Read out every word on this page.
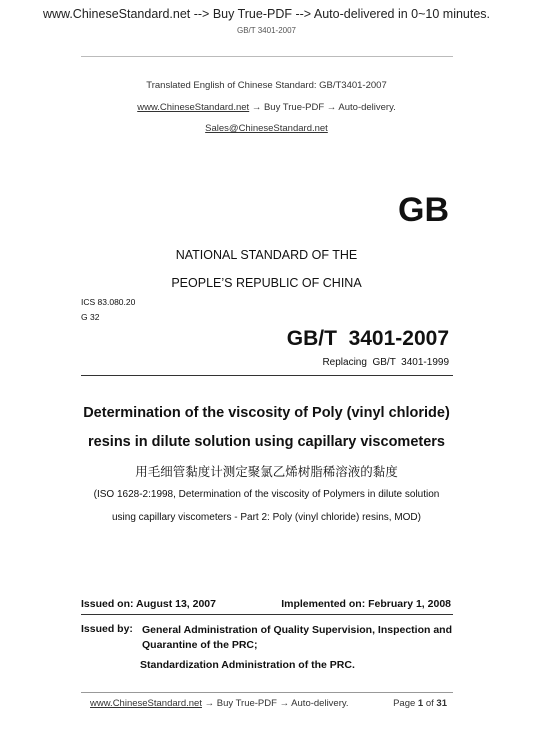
www.ChineseStandard.net --> Buy True-PDF --> Auto-delivered in 0~10 minutes.
GB/T 3401-2007
Translated English of Chinese Standard: GB/T3401-2007
www.ChineseStandard.net → Buy True-PDF → Auto-delivery.
Sales@ChineseStandard.net
GB
NATIONAL STANDARD OF THE
PEOPLE’S REPUBLIC OF CHINA
ICS 83.080.20
G 32
GB/T  3401-2007
Replacing  GB/T  3401-1999
Determination of the viscosity of Poly (vinyl chloride)
resins in dilute solution using capillary viscometers
用毛细管黏度计测定聚氯乙烯树脂稀溶液的黏度
(ISO 1628-2:1998, Determination of the viscosity of Polymers in dilute solution
using capillary viscometers - Part 2: Poly (vinyl chloride) resins, MOD)
Issued on: August 13, 2007	Implemented on: February 1, 2008
Issued by: General Administration of Quality Supervision, Inspection and Quarantine of the PRC;
Standardization Administration of the PRC.
www.ChineseStandard.net → Buy True-PDF → Auto-delivery.	Page 1 of 31
